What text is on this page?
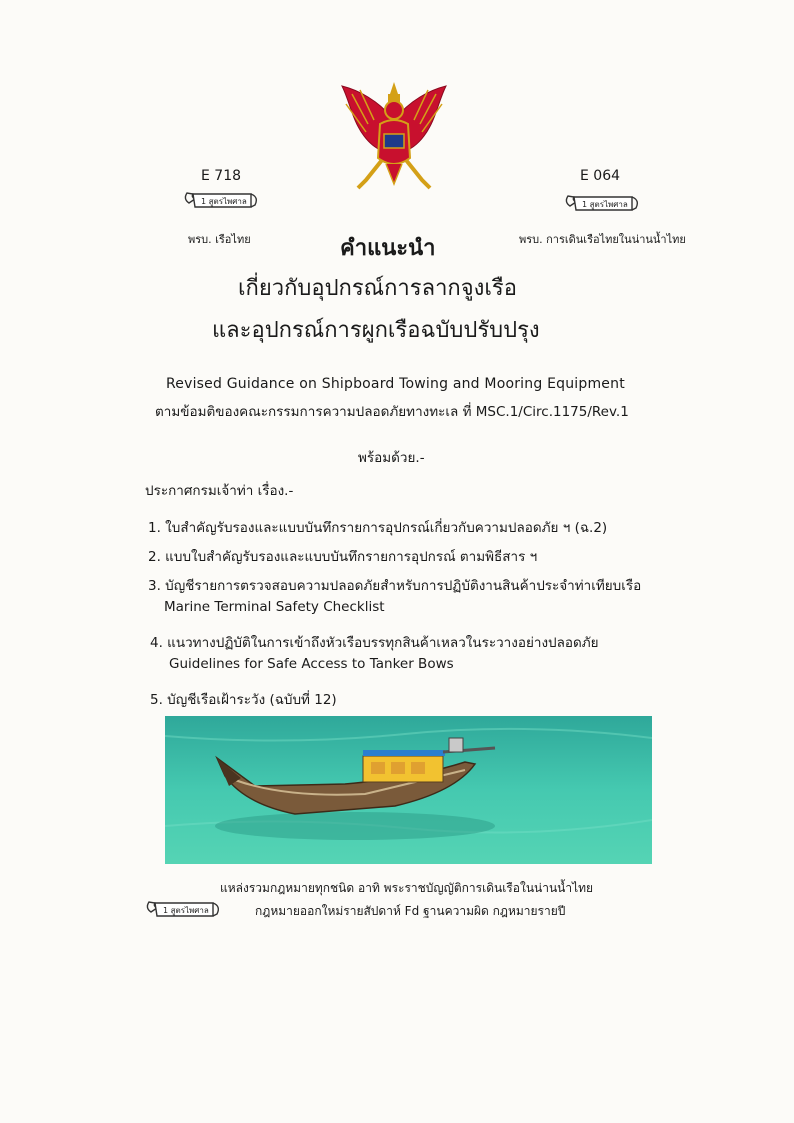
E 718
1 สูตรไพศาล
พรบ. เรือไทย
E 064
1 สูตรไพศาล
พรบ. การเดินเรือไทยในน่านน้ำไทย
คำแนะนำ
เกี่ยวกับอุปกรณ์การลากจูงเรือ
และอุปกรณ์การผูกเรือฉบับปรับปรุง
Revised Guidance on Shipboard Towing and Mooring Equipment
ตามข้อมติของคณะกรรมการความปลอดภัยทางทะเล ที่ MSC.1/Circ.1175/Rev.1
พร้อมด้วย.-
ประกาศกรมเจ้าท่า เรื่อง.-
1. ใบสำคัญรับรองและแบบบันทึกรายการอุปกรณ์เกี่ยวกับความปลอดภัย ฯ (ฉ.2)
2. แบบใบสำคัญรับรองและแบบบันทึกรายการอุปกรณ์ ตามพิธีสาร ฯ
3. บัญชีรายการตรวจสอบความปลอดภัยสำหรับการปฏิบัติงานสินค้าประจำท่าเทียบเรือ
Marine Terminal Safety Checklist
4. แนวทางปฏิบัติในการเข้าถึงหัวเรือบรรทุกสินค้าเหลวในระวางอย่างปลอดภัย
Guidelines for Safe Access to Tanker Bows
5. บัญชีเรือเฝ้าระวัง (ฉบับที่ 12)
1 สูตรไพศาล
แหล่งรวมกฎหมายทุกชนิด อาทิ พระราชบัญญัติการเดินเรือในน่านน้ำไทย
กฎหมายออกใหม่รายสัปดาห์ Fd ฐานความผิด กฎหมายรายปี
